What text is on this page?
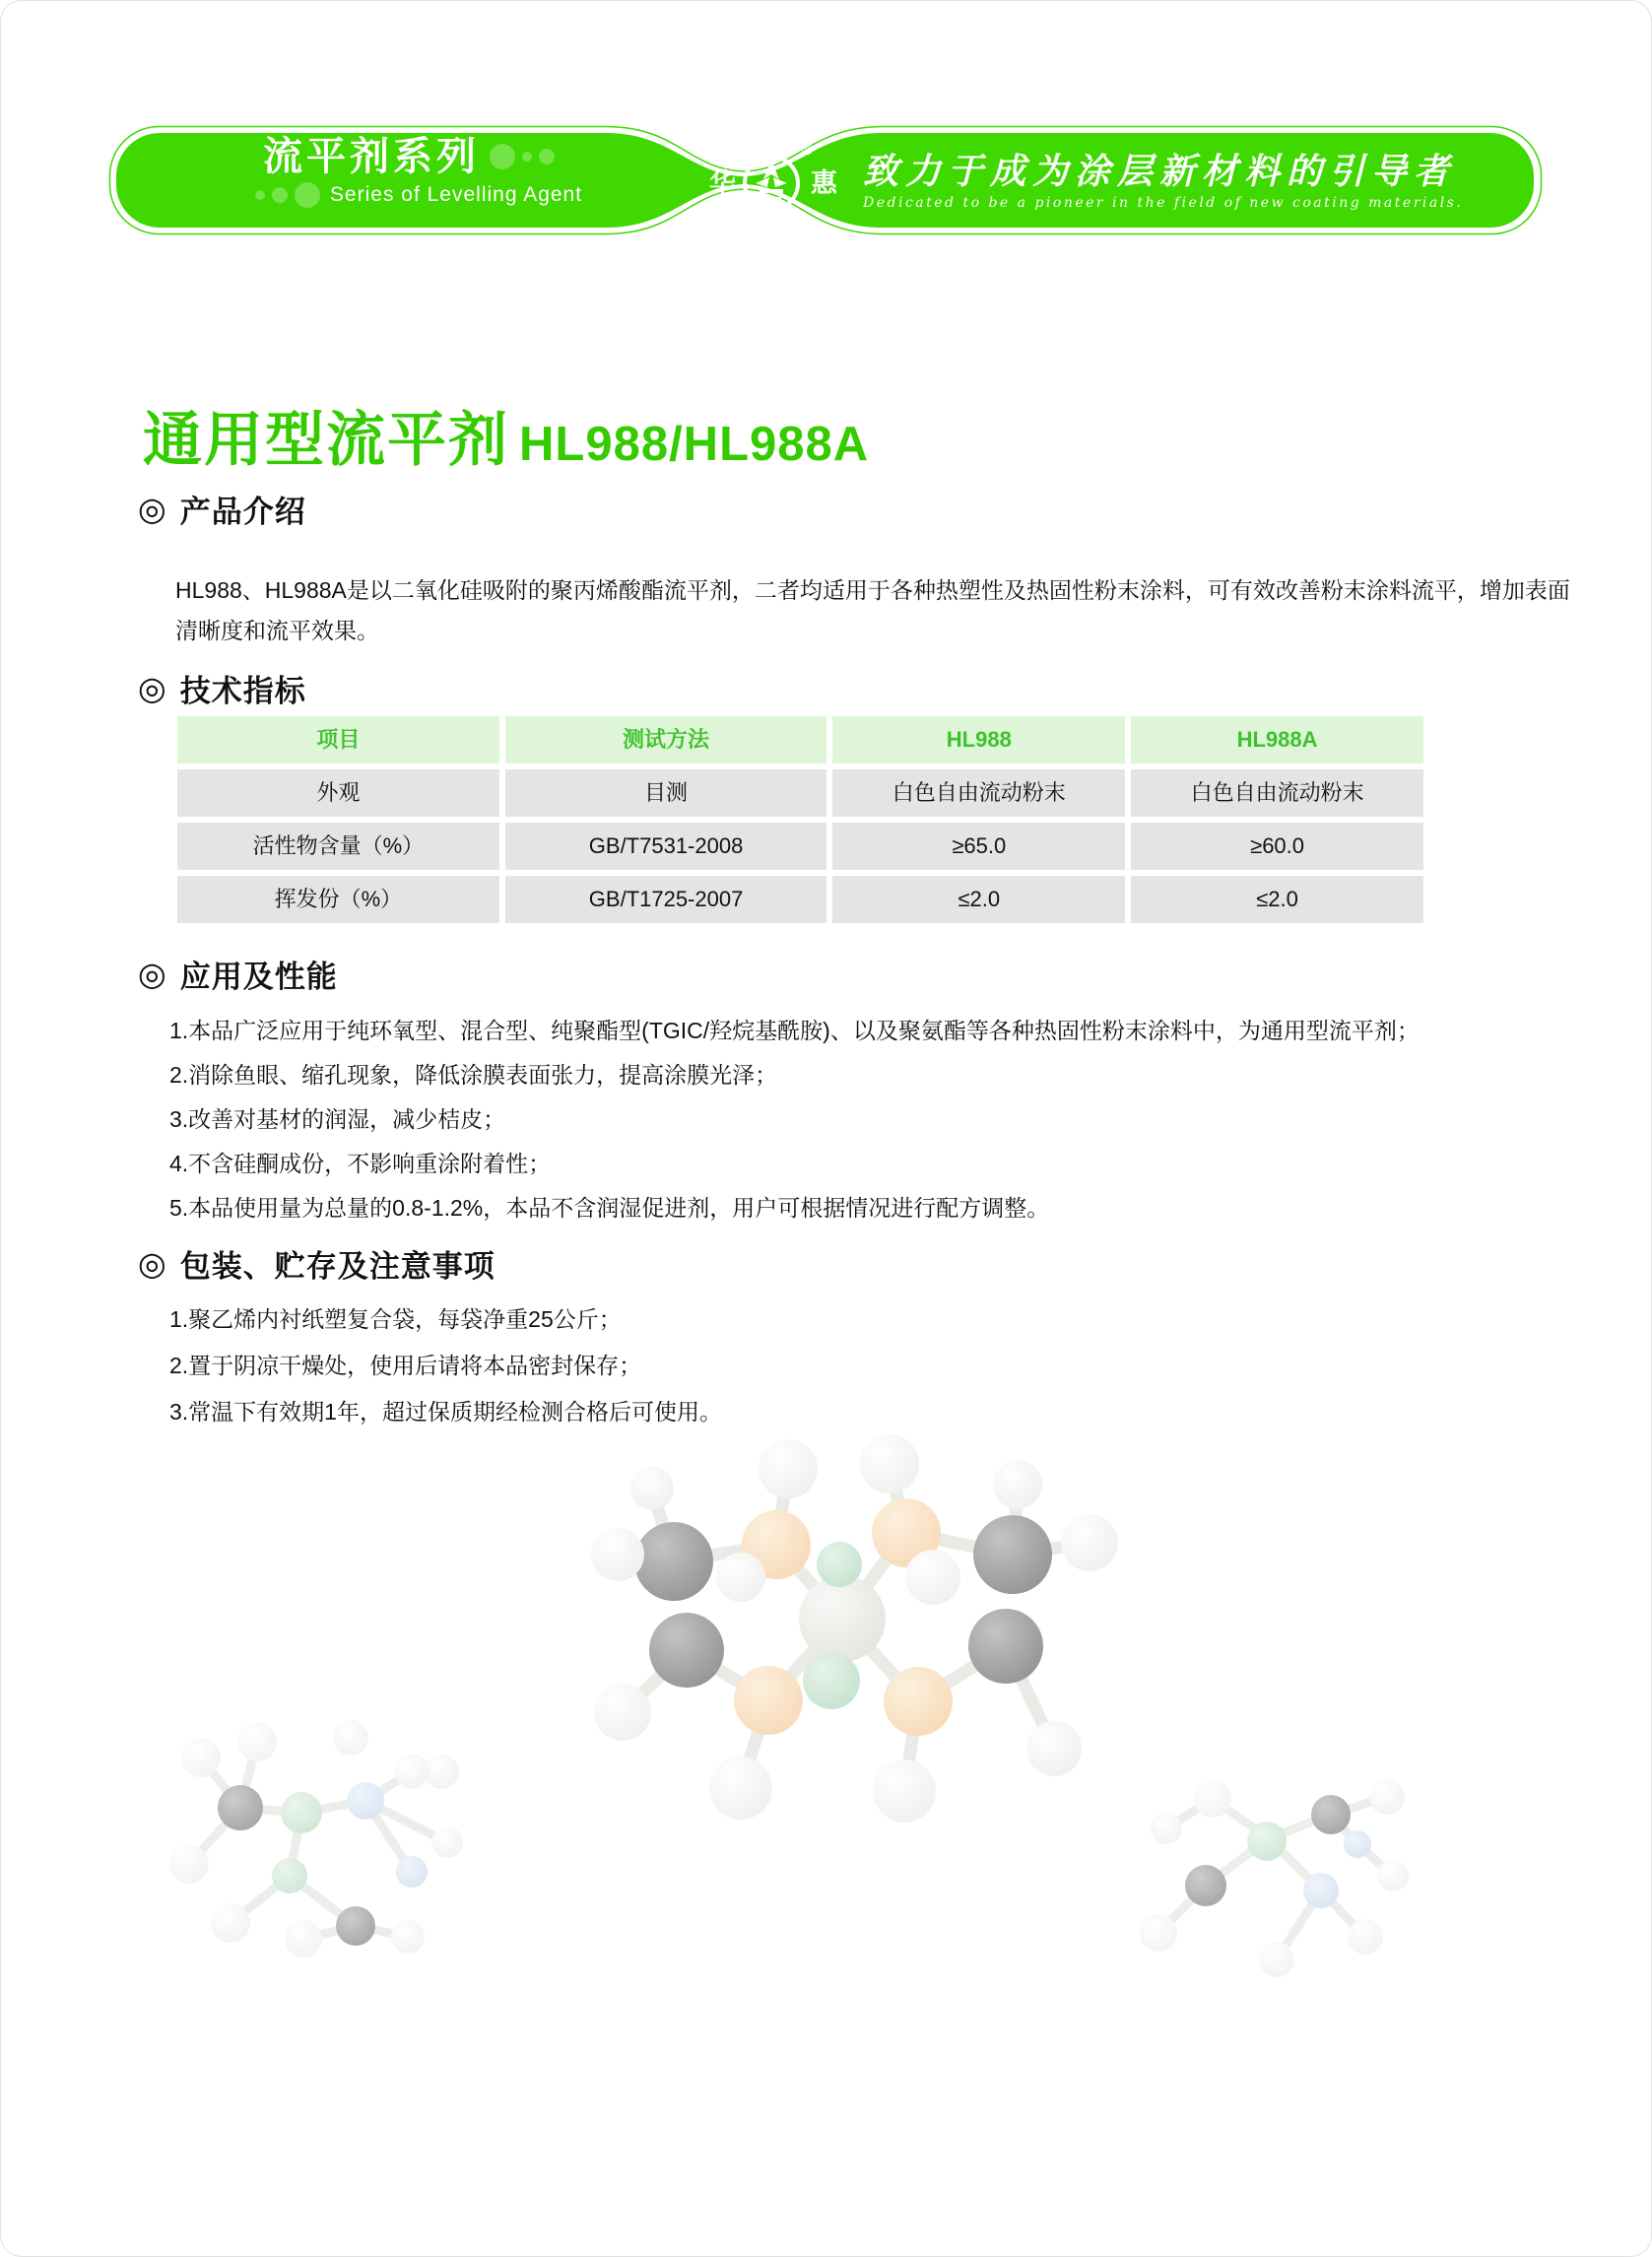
流平剂系列
Series of Levelling Agent	华
®
惠 致力于成为涂层新材料的引导者
Dedicated to be a pioneer in the field of new coating materials.
通用型流平剂 HL988/HL988A
◎ 产品介绍

HL988、HL988A是以二氧化硅吸附的聚丙烯酸酯流平剂，二者均适用于各种热塑性及热固性粉末涂料，可有效改善粉末涂料流平，增加表面清晰度和流平效果。

◎ 技术指标
项目	测试方法	HL988	HL988A
外观	目测	白色自由流动粉末	白色自由流动粉末
活性物含量（%）	GB/T7531-2008	≥65.0	≥60.0
挥发份（%）	GB/T1725-2007	≤2.0	≤2.0
◎ 应用及性能
1.本品广泛应用于纯环氧型、混合型、纯聚酯型(TGIC/羟烷基酰胺)、以及聚氨酯等各种热固性粉末涂料中，为通用型流平剂；
2.消除鱼眼、缩孔现象，降低涂膜表面张力，提高涂膜光泽；
3.改善对基材的润湿，减少桔皮；
4.不含硅酮成份，不影响重涂附着性；
5.本品使用量为总量的0.8-1.2%，本品不含润湿促进剂，用户可根据情况进行配方调整。
◎ 包装、贮存及注意事项
1.聚乙烯内衬纸塑复合袋，每袋净重25公斤；
2.置于阴凉干燥处，使用后请将本品密封保存；
3.常温下有效期1年，超过保质期经检测合格后可使用。
